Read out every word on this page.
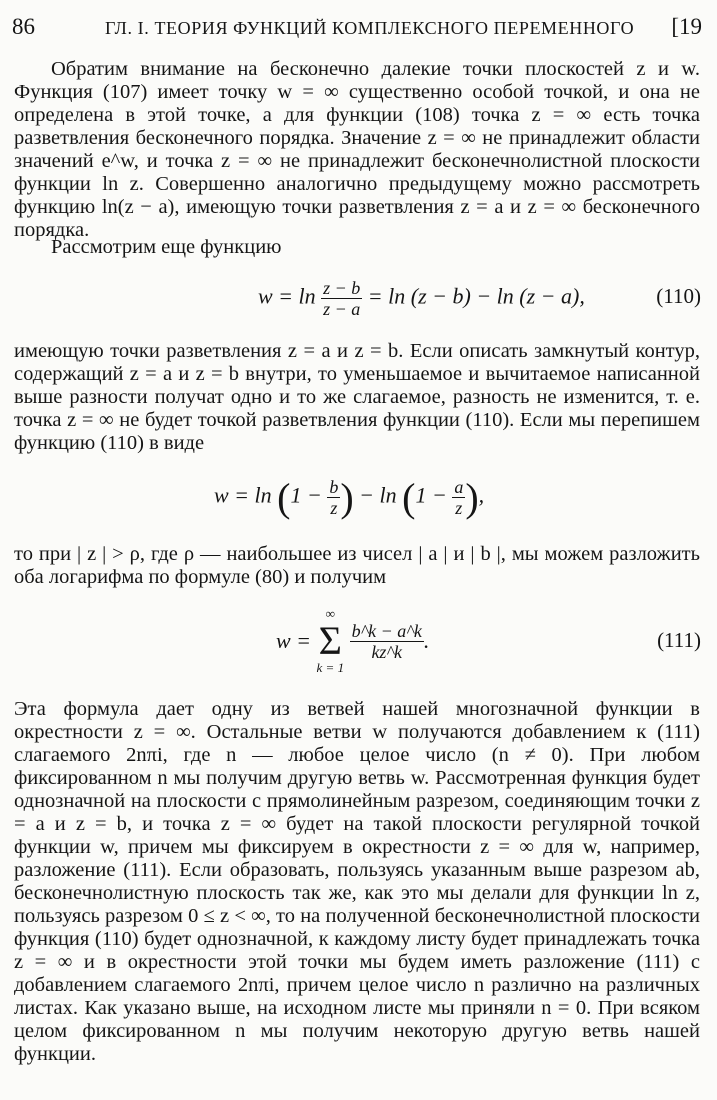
86	ГЛ. I. ТЕОРИЯ ФУНКЦИЙ КОМПЛЕКСНОГО ПЕРЕМЕННОГО [19
Обратим внимание на бесконечно далекие точки плоскостей z и w. Функция (107) имеет точку w = ∞ существенно особой точкой, и она не определена в этой точке, а для функции (108) точка z = ∞ есть точка разветвления бесконечного порядка. Значение z = ∞ не принадлежит области значений e^w, и точка z = ∞ не принадлежит бесконечнолистной плоскости функции ln z. Совершенно аналогично предыдущему можно рассмотреть функцию ln(z − a), имеющую точки разветвления z = a и z = ∞ бесконечного порядка.
Рассмотрим еще функцию
$w = \ln \frac{z - b}{z - a} = \ln (z - b) - \ln (z - a)$,	(110)
имеющую точки разветвления z = a и z = b. Если описать замкнутый контур, содержащий z = a и z = b внутри, то уменьшаемое и вычитаемое написанной выше разности получат одно и то же слагаемое, разность не изменится, т. е. точка z = ∞ не будет точкой разветвления функции (110). Если мы перепишем функцию (110) в виде
$w = \ln (1 - \frac{b}{z}$ ) − $\ln (1 - \frac{a}{z}$ ),
то при | z | > ρ, где ρ — наибольшее из чисел | a | и | b |, мы можем разложить оба логарифма по формуле (80) и получим
w = ∞
Σ
k = 1
$\frac{b\^{}k - a\^{}k}{kz\^{}k}$ .	(111)
Эта формула дает одну из ветвей нашей многозначной функции в окрестности z = ∞. Остальные ветви w получаются добавлением к (111) слагаемого 2nπi, где n — любое целое число (n ≠ 0). При любом фиксированном n мы получим другую ветвь w. Рассмотренная функция будет однозначной на плоскости с прямолинейным разрезом, соединяющим точки z = a и z = b, и точка z = ∞ будет на такой плоскости регулярной точкой функции w, причем мы фиксируем в окрестности z = ∞ для w, например, разложение (111). Если образовать, пользуясь указанным выше разрезом ab, бесконечнолистную плоскость так же, как это мы делали для функции ln z, пользуясь разрезом 0 ≤ z < ∞, то на полученной бесконечнолистной плоскости функция (110) будет однозначной, к каждому листу будет принадлежать точка z = ∞ и в окрестности этой точки мы будем иметь разложение (111) с добавлением слагаемого 2nπi, причем целое число n различно на различных листах. Как указано выше, на исходном листе мы приняли n = 0. При всяком целом фиксированном n мы получим некоторую другую ветвь нашей функции.
